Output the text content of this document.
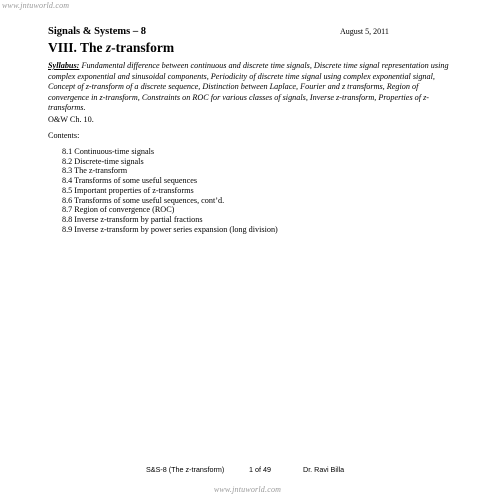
www.jntuworld.com
Signals & Systems – 8	August 5, 2011
VIII. The z-transform
Syllabus: Fundamental difference between continuous and discrete time signals, Discrete time signal representation using complex exponential and sinusoidal components, Periodicity of discrete time signal using complex exponential signal, Concept of z-transform of a discrete sequence, Distinction between Laplace, Fourier and z transforms, Region of convergence in z-transform, Constraints on ROC for various classes of signals, Inverse z-transform, Properties of z-transforms.
O&W Ch. 10.
Contents:
8.1 Continuous-time signals
8.2 Discrete-time signals
8.3 The z-transform
8.4 Transforms of some useful sequences
8.5 Important properties of z-transforms
8.6 Transforms of some useful sequences, cont’d.
8.7 Region of convergence (ROC)
8.8 Inverse z-transform by partial fractions
8.9 Inverse z-transform by power series expansion (long division)
S&S-8 (The z-transform)	1 of 49	Dr. Ravi Billa
www.jntuworld.com
